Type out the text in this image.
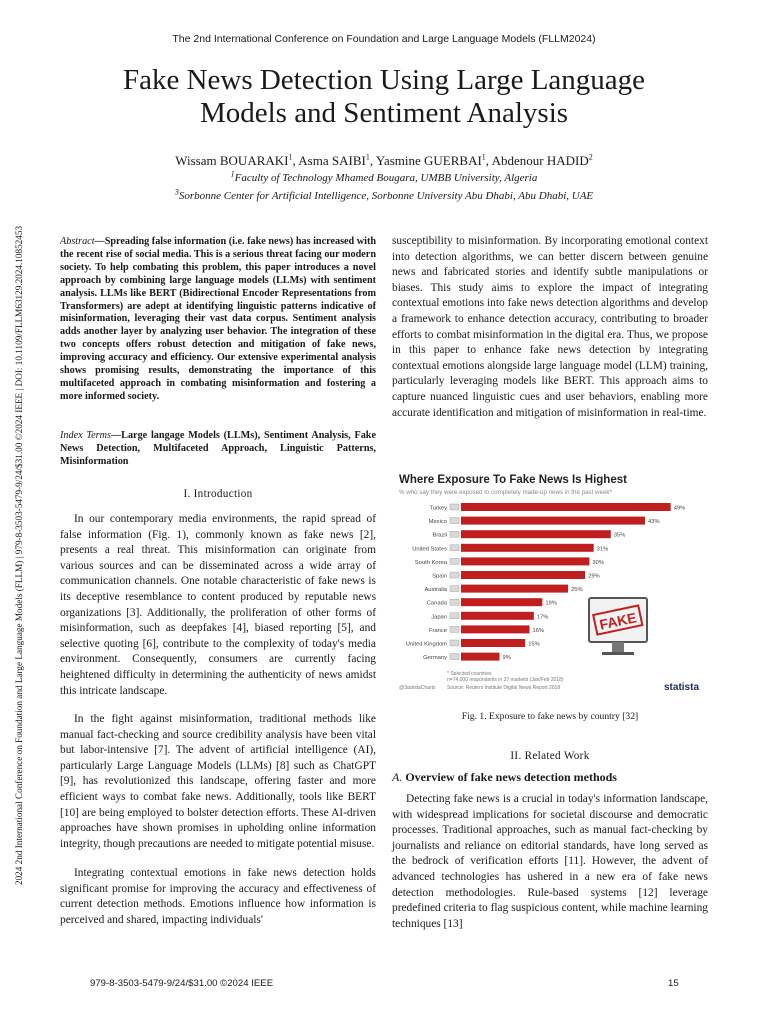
The 2nd International Conference on Foundation and Large Language Models (FLLM2024)
2024 2nd International Conference on Foundation and Large Language Models (FLLM) | 979-8-3503-5479-9/24/$31.00 ©2024 IEEE | DOI: 10.1109/FLLM63129.2024.10852453
Fake News Detection Using Large Language
Models and Sentiment Analysis
Wissam BOUARAKI$^1$, Asma SAIBI$^1$, Yasmine GUERBAI$^1$, Abdenour HADID$^2$
$^1$Faculty of Technology Mhamed Bougara, UMBB University, Algeria
$^3$Sorbonne Center for Artificial Intelligence, Sorbonne University Abu Dhabi, Abu Dhabi, UAE
Abstract—Spreading false information (i.e. fake news) has increased with the recent rise of social media. This is a serious threat facing our modern society. To help combating this problem, this paper introduces a novel approach by combining large language models (LLMs) with sentiment analysis. LLMs like BERT (Bidirectional Encoder Representations from Transformers) are adept at identifying linguistic patterns indicative of misinformation, leveraging their vast data corpus. Sentiment analysis adds another layer by analyzing user behavior. The integration of these two concepts offers robust detection and mitigation of fake news, improving accuracy and efficiency. Our extensive experimental analysis shows promising results, demonstrating the importance of this multifaceted approach in combating misinformation and fostering a more informed society.
Index Terms—Large langage Models (LLMs), Sentiment Analysis, Fake News Detection, Multifaceted Approach, Linguistic Patterns, Misinformation
I. Introduction
In our contemporary media environments, the rapid spread of false information (Fig. 1), commonly known as fake news [2], presents a real threat. This misinformation can originate from various sources and can be disseminated across a wide array of communication channels. One notable characteristic of fake news is its deceptive resemblance to content produced by reputable news organizations [3]. Additionally, the proliferation of other forms of misinformation, such as deepfakes [4], biased reporting [5], and selective quoting [6], contribute to the complexity of today's media environment. Consequently, consumers are currently facing heightened difficulty in determining the authenticity of news amidst this intricate landscape.
In the fight against misinformation, traditional methods like manual fact-checking and source credibility analysis have been vital but labor-intensive [7]. The advent of artificial intelligence (AI), particularly Large Language Models (LLMs) [8] such as ChatGPT [9], has revolutionized this landscape, offering faster and more efficient ways to combat fake news. Additionally, tools like BERT [10] are being employed to bolster detection efforts. These AI-driven approaches have shown promises in upholding online information integrity, though precautions are needed to mitigate potential misuse.
Integrating contextual emotions in fake news detection holds significant promise for improving the accuracy and effectiveness of current detection methods. Emotions influence how information is perceived and shared, impacting individuals'
susceptibility to misinformation. By incorporating emotional context into detection algorithms, we can better discern between genuine news and fabricated stories and identify subtle manipulations or biases. This study aims to explore the impact of integrating contextual emotions into fake news detection algorithms and develop a framework to enhance detection accuracy, contributing to broader efforts to combat misinformation in the digital era. Thus, we propose in this paper to enhance fake news detection by integrating contextual emotions alongside large language model (LLM) training, particularly leveraging models like BERT. This approach aims to capture nuanced linguistic cues and user behaviors, enabling more accurate identification and mitigation of misinformation in real-time.
Where Exposure To Fake News Is Highest
% who say they were exposed to completely made-up news in the past week*
Turkey	49%
Mexico	43%
Brazil	35%
United States	31%
South Korea	30%
Spain	29%
Australia	25%
Canada	19%
Japan	17%
France	16%
United Kingdom	15%
Germany	9%
FAKE
* Selected countries
n=74,000 respondents in 37 markets (Jan/Feb 2018)
@StatistaCharts Source: Reuters Institute Digital News Report 2018	statista
Fig. 1. Exposure to fake news by country [32]
II. Related Work
A. Overview of fake news detection methods
Detecting fake news is a crucial in today's information landscape, with widespread implications for societal discourse and democratic processes. Traditional approaches, such as manual fact-checking by journalists and reliance on editorial standards, have long served as the bedrock of verification efforts [11]. However, the advent of advanced technologies has ushered in a new era of fake news detection methodologies. Rule-based systems [12] leverage predefined criteria to flag suspicious content, while machine learning techniques [13]
979-8-3503-5479-9/24/$31.00 ©2024 IEEE	15
